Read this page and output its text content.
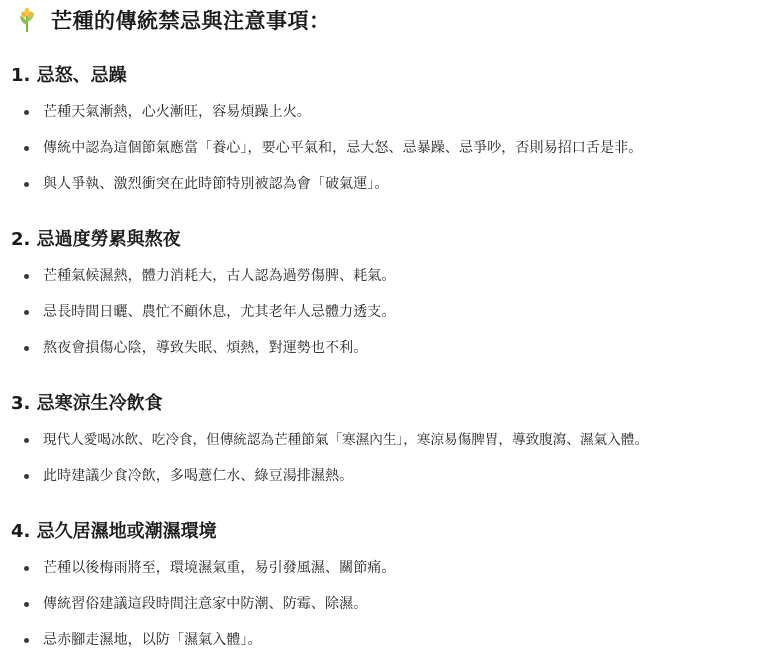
芒種的傳統禁忌與注意事項：
1. 忌怒、忌躁
芒種天氣漸熱，心火漸旺，容易煩躁上火。
傳統中認為這個節氣應當「養心」，要心平氣和，忌大怒、忌暴躁、忌爭吵，否則易招口舌是非。
與人爭執、激烈衝突在此時節特別被認為會「破氣運」。
2. 忌過度勞累與熬夜
芒種氣候濕熱，體力消耗大，古人認為過勞傷脾、耗氣。
忌長時間日曬、農忙不顧休息，尤其老年人忌體力透支。
熬夜會損傷心陰，導致失眠、煩熱，對運勢也不利。
3. 忌寒涼生冷飲食
現代人愛喝冰飲、吃冷食，但傳統認為芒種節氣「寒濕內生」，寒涼易傷脾胃，導致腹瀉、濕氣入體。
此時建議少食冷飲，多喝薏仁水、綠豆湯排濕熱。
4. 忌久居濕地或潮濕環境
芒種以後梅雨將至，環境濕氣重，易引發風濕、關節痛。
傳統習俗建議這段時間注意家中防潮、防霉、除濕。
忌赤腳走濕地，以防「濕氣入體」。
